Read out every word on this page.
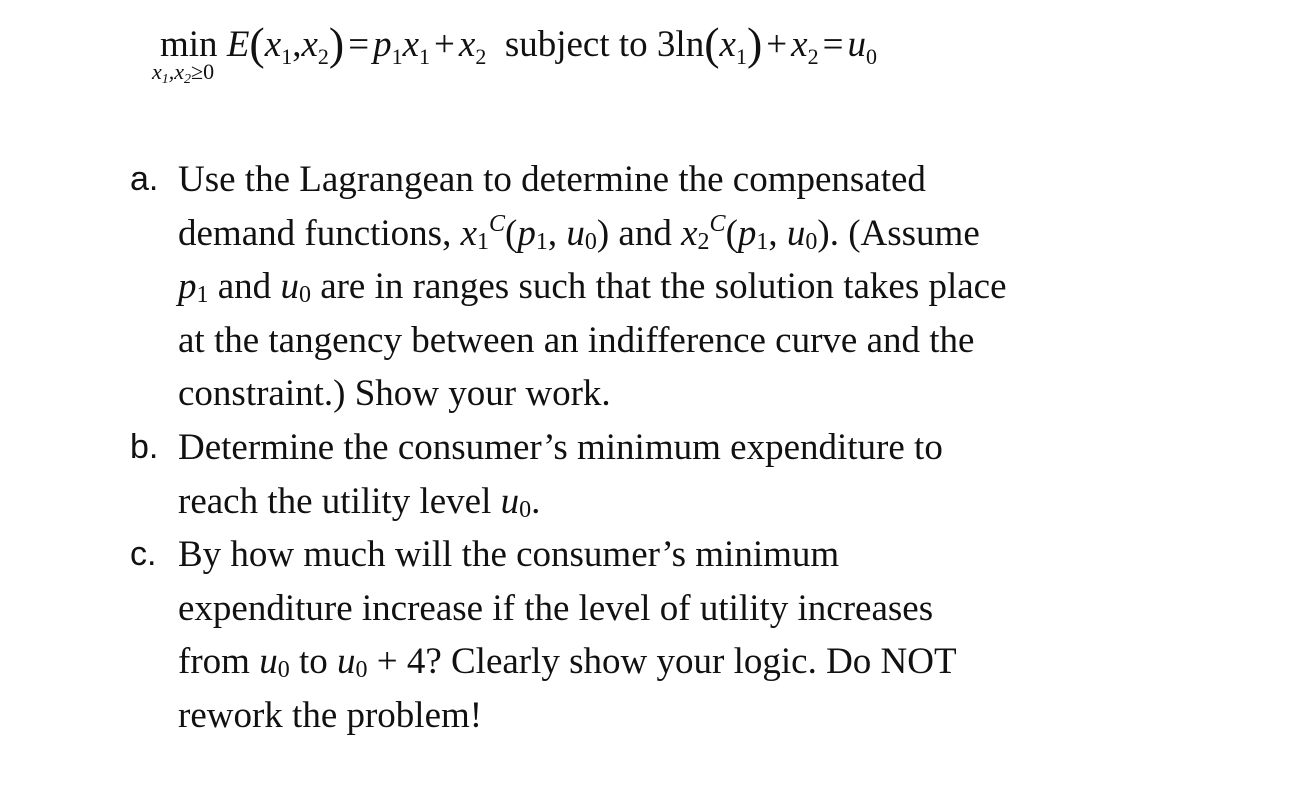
min
$x_1,x_2\ge 0$
$E(x_1,x_2) = p_1x_1 + x_2$ subject to $3\ln(x_1) + x_2 = u_0$
a. Use the Lagrangean to determine the compensated
demand functions, $x1^C(p1$, u0) and $x2^C(p1$, u0). (Assume
p1 and u0 are in ranges such that the solution takes place
at the tangency between an indifference curve and the
constraint.) Show your work.
b. Determine the consumer’s minimum expenditure to
reach the utility level u0.
c. By how much will the consumer’s minimum
expenditure increase if the level of utility increases
from u0 to u0 + 4? Clearly show your logic. Do NOT
rework the problem!
